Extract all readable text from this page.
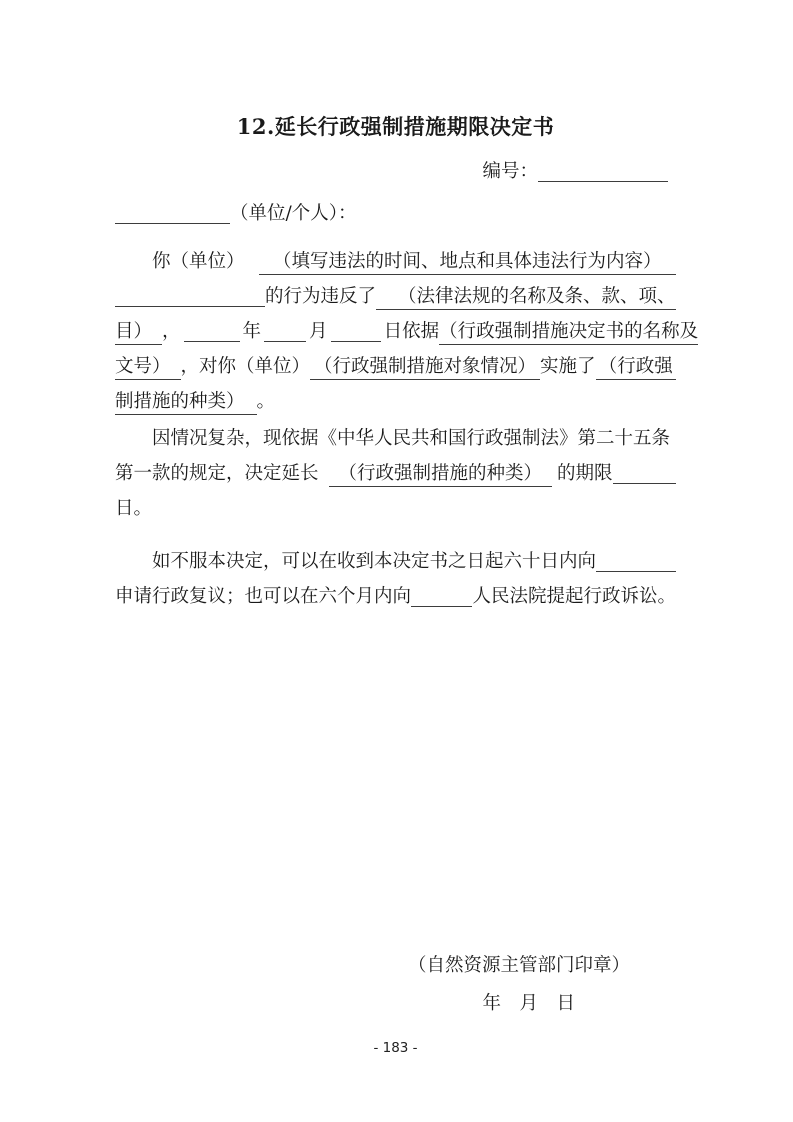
12.延长行政强制措施期限决定书
编号：
（单位/个人）：
你（单位）	（填写违法的时间、地点和具体违法行为内容）
的行为违反了	（法律法规的名称及条、款、项、
目） ，	年	月	日依据 （行政强制措施决定书的名称及
文号） ，对你（单位） （行政强制措施对象情况） 实施了 （行政强
制措施的种类） 。
因情况复杂，现依据《中华人民共和国行政强制法》第二十五条
第一款的规定，决定延长	（行政强制措施的种类） 的期限
日。
如不服本决定，可以在收到本决定书之日起六十日内向
申请行政复议；也可以在六个月内向	人民法院提起行政诉讼。
（自然资源主管部门印章）
年　月　日
- 183 -
